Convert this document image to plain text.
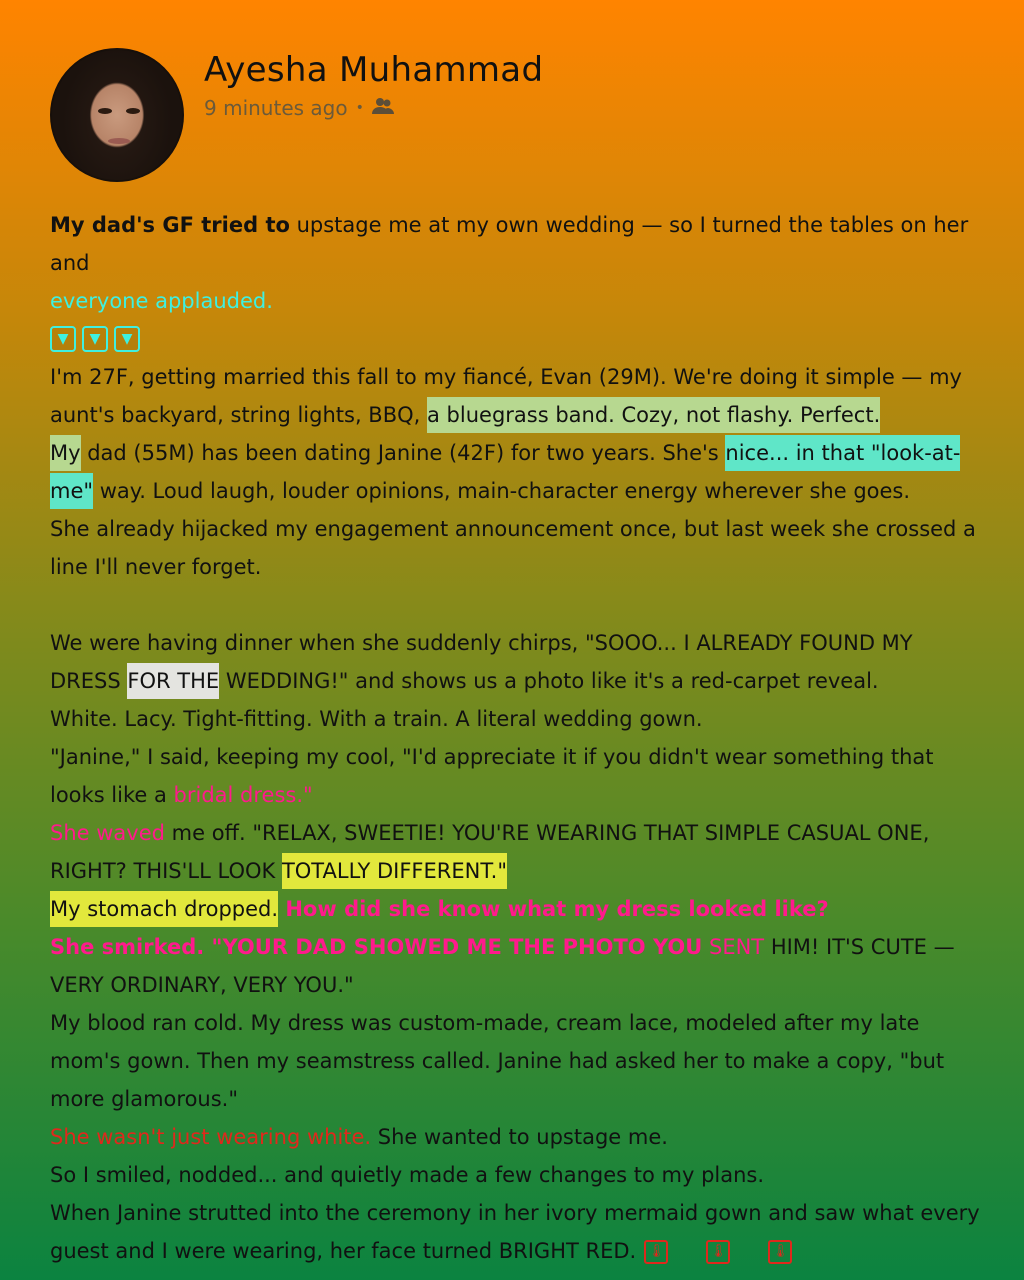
Ayesha Muhammad
9 minutes ago •

My dad's GF tried to upstage me at my own wedding — so I turned the tables on her and
everyone applauded.

▼	▼	▼

I'm 27F, getting married this fall to my fiancé, Evan (29M). We're doing it simple — my aunt's backyard, string lights, BBQ, a bluegrass band. Cozy, not flashy. Perfect.

My dad (55M) has been dating Janine (42F) for two years. She's nice... in that "look-at-me" way. Loud laugh, louder opinions, main-character energy wherever she goes.

She already hijacked my engagement announcement once, but last week she crossed a line I'll never forget.

We were having dinner when she suddenly chirps, "SOOO... I ALREADY FOUND MY DRESS FOR THE WEDDING!" and shows us a photo like it's a red-carpet reveal.

White. Lacy. Tight-fitting. With a train. A literal wedding gown.

"Janine," I said, keeping my cool, "I'd appreciate it if you didn't wear something that looks like a bridal dress."

She waved me off. "RELAX, SWEETIE! YOU'RE WEARING THAT SIMPLE CASUAL ONE, RIGHT? THIS'LL LOOK TOTALLY DIFFERENT."

My stomach dropped. How did she know what my dress looked like?

She smirked. "YOUR DAD SHOWED ME THE PHOTO YOU SENT HIM! IT'S CUTE — VERY ORDINARY, VERY YOU."

My blood ran cold. My dress was custom-made, cream lace, modeled after my late mom's gown. Then my seamstress called. Janine had asked her to make a copy, "but more glamorous."

She wasn't just wearing white. She wanted to upstage me.

So I smiled, nodded... and quietly made a few changes to my plans.

When Janine strutted into the ceremony in her ivory mermaid gown and saw what every guest and I were wearing, her face turned BRIGHT RED. 🌡	🌡	🌡
